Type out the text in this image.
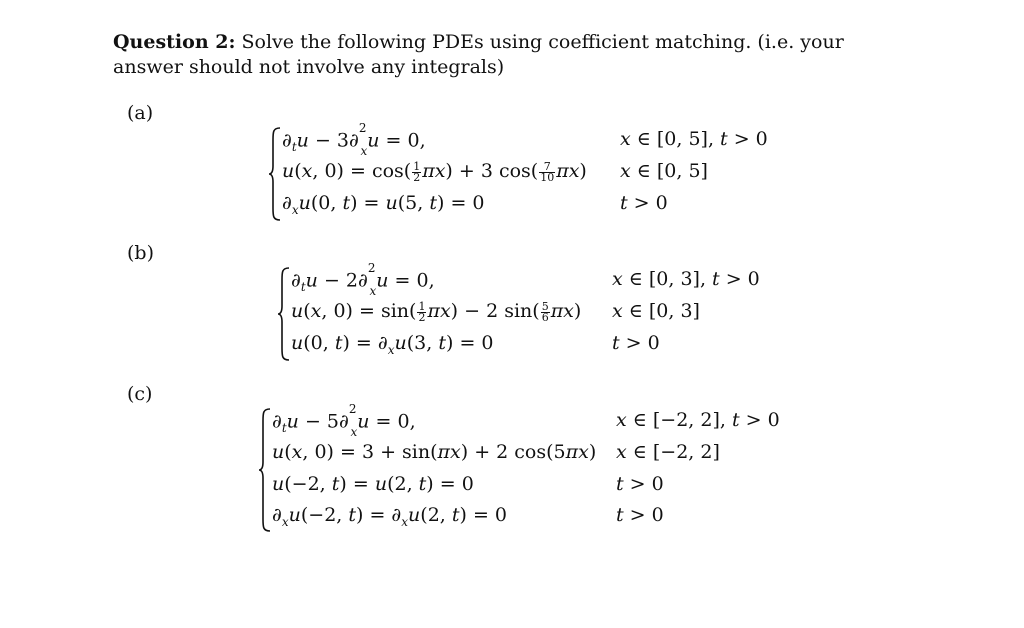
Question 2: Solve the following PDEs using coefficient matching. (i.e. your answer should not involve any integrals)
(a)
$\partial_tu - 3\partial^2_xu = 0$,
u(x, $0) = \cos( \frac{1}{2} \pi x) + 3$ $\cos( \frac{7}{10} \pi x)$
$\partial_xu(0$, t) = u(5, t) = 0
x ∈ [0, 5], t > 0
x ∈ [0, 5]
t > 0
(b)
$\partial_tu - 2\partial^2_xu = 0$,
u(x, $0) = \sin( \frac{1}{2} \pi x) - 2$ $\sin( \frac{5}{6} \pi x)$
u(0, $t) = \partial_xu(3$, t) = 0
x ∈ [0, 3], t > 0
x ∈ [0, 3]
t > 0
(c)
$\partial_tu - 5\partial^2_xu = 0$,
u(x, 0) = 3 + sin(πx) + 2 cos(5πx)
u(−2, t) = u(2, t) = 0
$\partial_xu(-2$, $t) = \partial_xu(2$, t) = 0
x ∈ [−2, 2], t > 0
x ∈ [−2, 2]
t > 0
t > 0
